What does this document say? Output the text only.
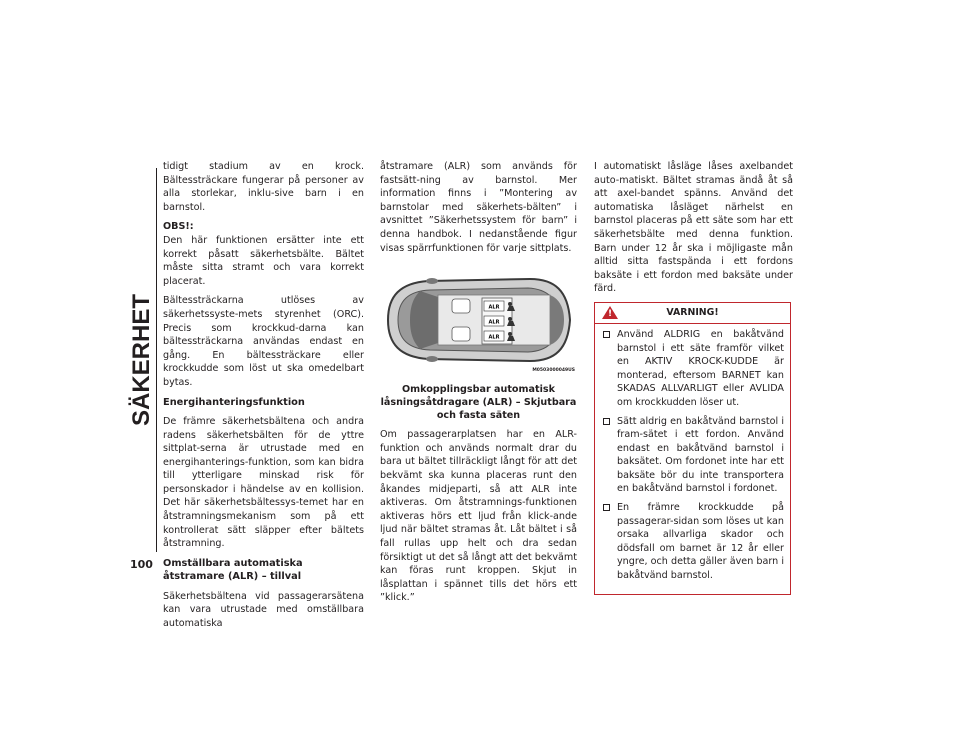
SÄKERHET
100

tidigt stadium av en krock. Bältessträckare fungerar på personer av alla storlekar, inklu-sive barn i en barnstol.

OBS!:
Den här funktionen ersätter inte ett korrekt påsatt säkerhetsbälte. Bältet måste sitta stramt och vara korrekt placerat.

Bältessträckarna utlöses av säkerhetssyste-mets styrenhet (ORC). Precis som krockkud-darna kan bältessträckarna användas endast en gång. En bältessträckare eller krockkudde som löst ut ska omedelbart bytas.

Energihanteringsfunktion

De främre säkerhetsbältena och andra radens säkerhetsbälten för de yttre sittplat-serna är utrustade med en energihanterings-funktion, som kan bidra till ytterligare minskad risk för personskador i händelse av en kollision. Det här säkerhetsbältessys-temet har en åtstramningsmekanism som på ett kontrollerat sätt släpper efter bältets åtstramning.

Omställbara automatiska åtstramare (ALR) – tillval

Säkerhetsbältena vid passagerarsätena kan vara utrustade med omställbara automatiska

åtstramare (ALR) som används för fastsätt-ning av barnstol. Mer information finns i ”Montering av barnstolar med säkerhets-bälten” i avsnittet ”Säkerhetssystem för barn” i denna handbok. I nedanstående figur visas spärrfunktionen för varje sittplats.

ALR
ALR
ALR
M0503000049US
Omkopplingsbar automatisk låsningsåtdragare (ALR) – Skjutbara och fasta säten

Om passagerarplatsen har en ALR-funktion och används normalt drar du bara ut bältet tillräckligt långt för att det bekvämt ska kunna placeras runt den åkandes midjeparti, så att ALR inte aktiveras. Om åtstramnings-funktionen aktiveras hörs ett ljud från klick-ande ljud när bältet stramas åt. Låt bältet i så fall rullas upp helt och dra sedan försiktigt ut det så långt att det bekvämt kan föras runt kroppen. Skjut in låsplattan i spännet tills det hörs ett ”klick.”

I automatiskt låsläge låses axelbandet auto-matiskt. Bältet stramas ändå åt så att axel-bandet spänns. Använd det automatiska låsläget närhelst en barnstol placeras på ett säte som har ett säkerhetsbälte med denna funktion. Barn under 12 år ska i möjligaste mån alltid sitta fastspända i ett fordons baksäte i ett fordon med baksäte under färd.

!
VARNING!
Använd ALDRIG en bakåtvänd barnstol i ett säte framför vilket en AKTIV KROCK-KUDDE är monterad, eftersom BARNET kan SKADAS ALLVARLIGT eller AVLIDA om krockkudden löser ut.
Sätt aldrig en bakåtvänd barnstol i fram-sätet i ett fordon. Använd endast en bakåtvänd barnstol i baksätet. Om fordonet inte har ett baksäte bör du inte transportera en bakåtvänd barnstol i fordonet.
En främre krockkudde på passagerar-sidan som löses ut kan orsaka allvarliga skador och dödsfall om barnet är 12 år eller yngre, och detta gäller även barn i bakåtvänd barnstol.
